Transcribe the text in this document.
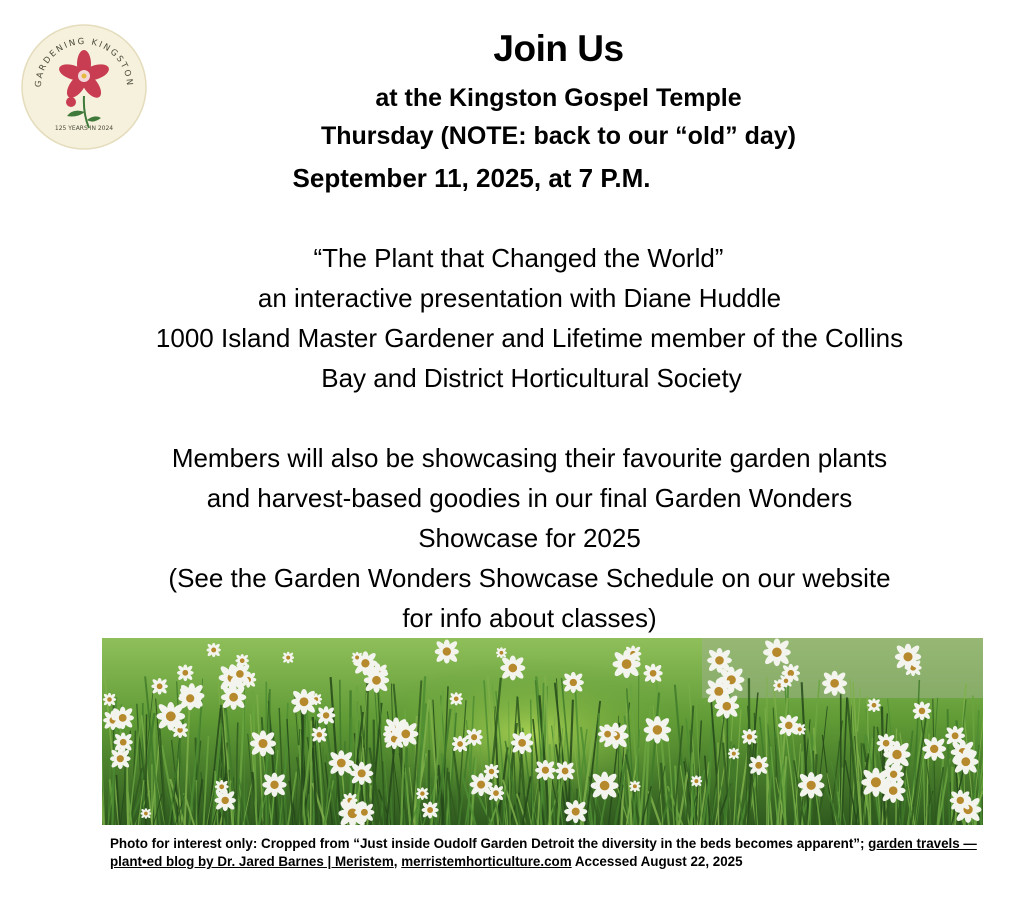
GARDENING KINGSTON
125 YEARS IN 2024
Join Us
at the Kingston Gospel Temple
Thursday (NOTE: back to our “old” day)
September 11, 2025, at 7 P.M.
“The Plant that Changed the World”
an interactive presentation with Diane Huddle
1000 Island Master Gardener and Lifetime member of the Collins
Bay and District Horticultural Society
Members will also be showcasing their favourite garden plants
and harvest-based goodies in our final Garden Wonders
Showcase for 2025
(See the Garden Wonders Showcase Schedule on our website
for info about classes)
Photo for interest only: Cropped from “Just inside Oudolf Garden Detroit the diversity in the beds becomes apparent”; garden travels — plant•ed blog by Dr. Jared Barnes | Meristem, merristemhorticulture.com Accessed August 22, 2025
